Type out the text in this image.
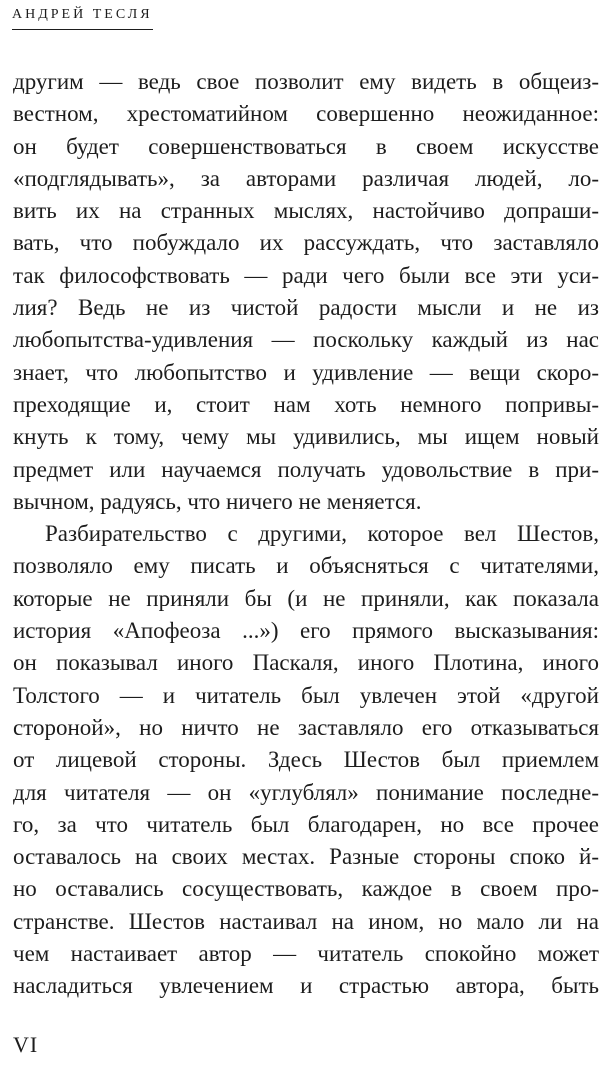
АНДРЕЙ ТЕСЛЯ
другим — ведь свое позволит ему видеть в общеиз-
вестном, хрестоматийном совершенно неожиданное:
он будет совершенствоваться в своем искусстве
«подглядывать», за авторами различая людей, ло-
вить их на странных мыслях, настойчиво допраши-
вать, что побуждало их рассуждать, что заставляло
так философствовать — ради чего были все эти уси-
лия? Ведь не из чистой радости мысли и не из
любопытства-удивления — поскольку каждый из нас
знает, что любопытство и удивление — вещи скоро-
преходящие и, стоит нам хоть немного попривы-
кнуть к тому, чему мы удивились, мы ищем новый
предмет или научаемся получать удовольствие в при-
вычном, радуясь, что ничего не меняется.
Разбирательство с другими, которое вел Шестов,
позволяло ему писать и объясняться с читателями,
которые не приняли бы (и не приняли, как показала
история «Апофеоза ...») его прямого высказывания:
он показывал иного Паскаля, иного Плотина, иного
Толстого — и читатель был увлечен этой «другой
стороной», но ничто не заставляло его отказываться
от лицевой стороны. Здесь Шестов был приемлем
для читателя — он «углублял» понимание последне-
го, за что читатель был благодарен, но все прочее
оставалось на своих местах. Разные стороны споко й-
но оставались сосуществовать, каждое в своем про-
странстве. Шестов настаивал на ином, но мало ли на
чем настаивает автор — читатель спокойно может
насладиться увлечением и страстью автора, быть
VI
